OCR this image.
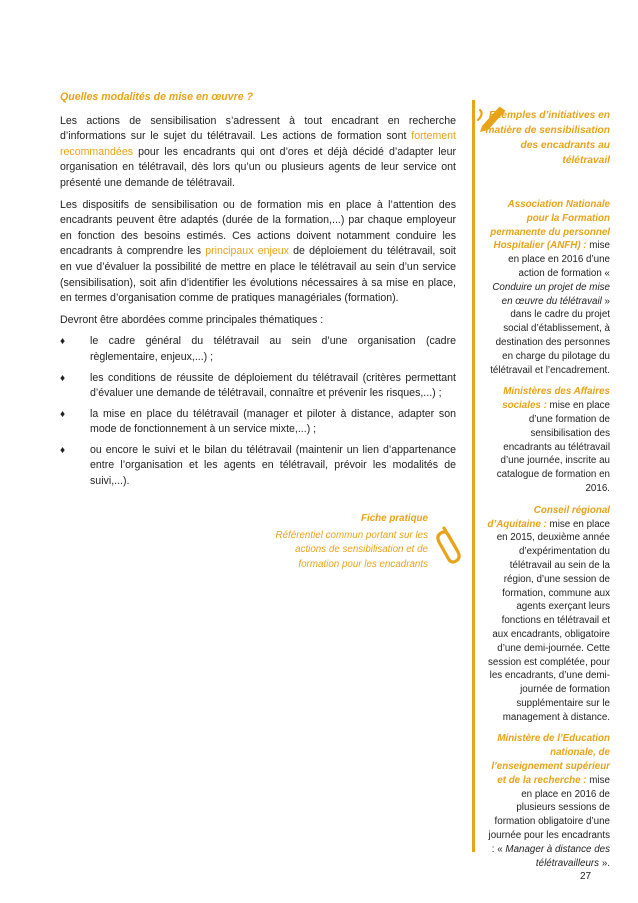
Quelles modalités de mise en œuvre ?

Les actions de sensibilisation s’adressent à tout encadrant en recherche d’informations sur le sujet du télétravail. Les actions de formation sont fortement recommandées pour les encadrants qui ont d’ores et déjà décidé d’adapter leur organisation en télétravail, dès lors qu’un ou plusieurs agents de leur service ont présenté une demande de télétravail.

Les dispositifs de sensibilisation ou de formation mis en place à l’attention des encadrants peuvent être adaptés (durée de la formation,...) par chaque employeur en fonction des besoins estimés. Ces actions doivent notamment conduire les encadrants à comprendre les principaux enjeux de déploiement du télétravail, soit en vue d’évaluer la possibilité de mettre en place le télétravail au sein d’un service (sensibilisation), soit afin d’identifier les évolutions nécessaires à sa mise en place, en termes d’organisation comme de pratiques managériales (formation).

Devront être abordées comme principales thématiques :

♦ le cadre général du télétravail au sein d’une organisation (cadre règlementaire, enjeux,...) ;
♦ les conditions de réussite de déploiement du télétravail (critères permettant d’évaluer une demande de télétravail, connaître et prévenir les risques,...) ;
♦ la mise en place du télétravail (manager et piloter à distance, adapter son mode de fonctionnement à un service mixte,...) ;
♦ ou encore le suivi et le bilan du télétravail (maintenir un lien d’appartenance entre l’organisation et les agents en télétravail, prévoir les modalités de suivi,...).
Fiche pratique
Référentiel commun portant sur les actions de sensibilisation et de formation pour les encadrants
Exemples d’initiatives en matière de sensibilisation des encadrants au télétravail
Association Nationale pour la Formation permanente du personnel Hospitalier (ANFH) : mise en place en 2016 d’une action de formation « Conduire un projet de mise en œuvre du télétravail » dans le cadre du projet social d’établissement, à destination des personnes en charge du pilotage du télétravail et l’encadrement.
Ministères des Affaires sociales : mise en place d’une formation de sensibilisation des encadrants au télétravail d’une journée, inscrite au catalogue de formation en 2016.
Conseil régional d’Aquitaine : mise en place en 2015, deuxième année d’expérimentation du télétravail au sein de la région, d’une session de formation, commune aux agents exerçant leurs fonctions en télétravail et aux encadrants, obligatoire d’une demi-journée. Cette session est complétée, pour les encadrants, d’une demi-journée de formation supplémentaire sur le management à distance.
Ministère de l’Education nationale, de l’enseignement supérieur et de la recherche : mise en place en 2016 de plusieurs sessions de formation obligatoire d’une journée pour les encadrants : « Manager à distance des télétravailleurs ».
27
